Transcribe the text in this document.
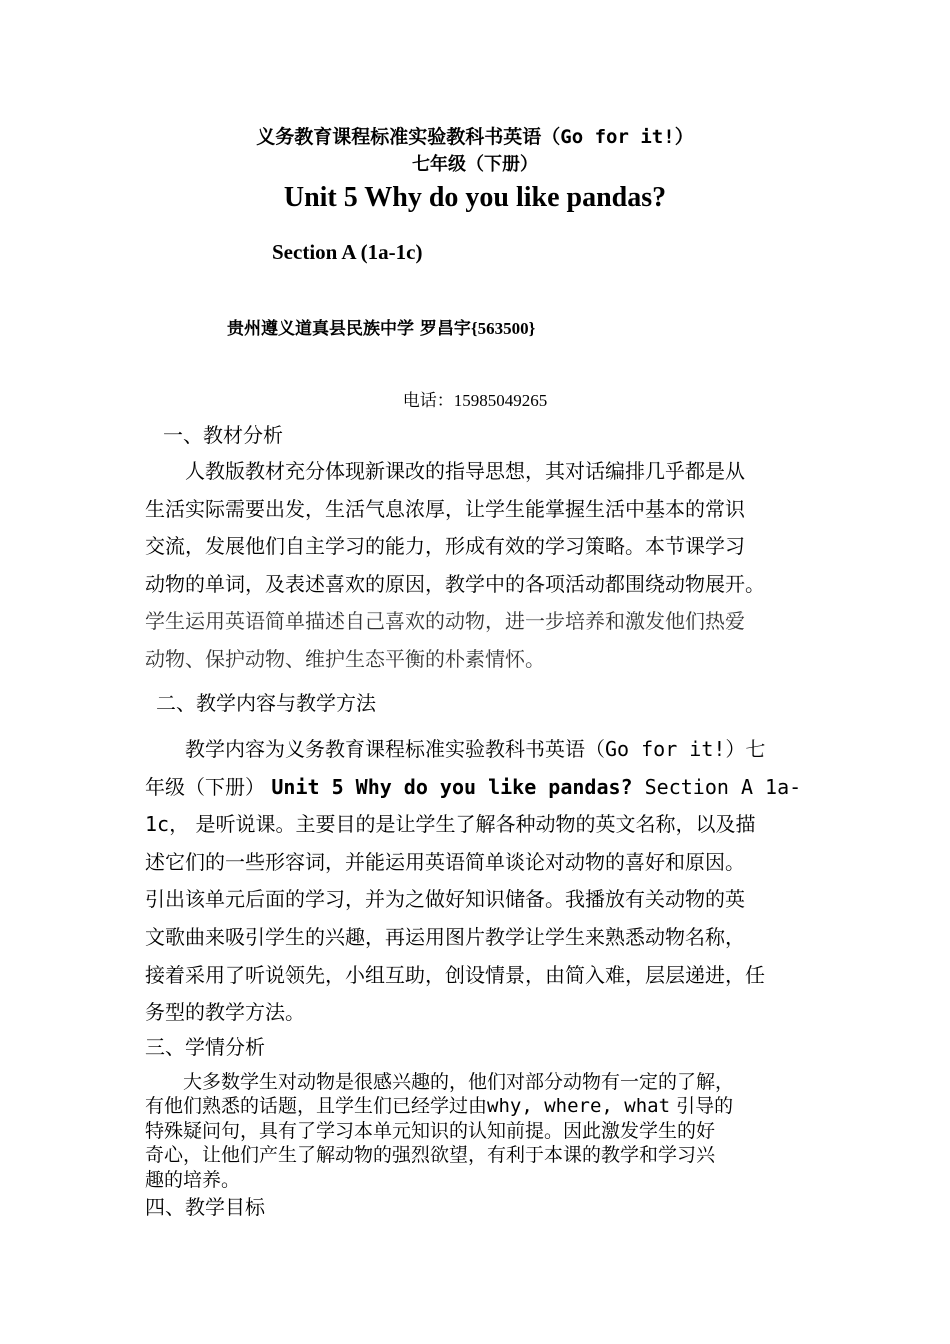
义务教育课程标准实验教科书英语（Go for it!）
七年级（下册）
Unit 5 Why do you like pandas?
Section A (1a-1c)
贵州遵义道真县民族中学 罗昌宇{563500}
电话：15985049265
一、教材分析
　　人教版教材充分体现新课改的指导思想，其对话编排几乎都是从
生活实际需要出发，生活气息浓厚，让学生能掌握生活中基本的常识
交流，发展他们自主学习的能力，形成有效的学习策略。本节课学习
动物的单词，及表述喜欢的原因，教学中的各项活动都围绕动物展开。
学生运用英语简单描述自己喜欢的动物，进一步培养和激发他们热爱
动物、保护动物、维护生态平衡的朴素情怀。
二、教学内容与教学方法
　　教学内容为义务教育课程标准实验教科书英语（Go for it!）七
年级（下册） Unit 5 Why do you like pandas? Section A 1a-
1c， 是听说课。主要目的是让学生了解各种动物的英文名称，以及描
述它们的一些形容词，并能运用英语简单谈论对动物的喜好和原因。
引出该单元后面的学习，并为之做好知识储备。我播放有关动物的英
文歌曲来吸引学生的兴趣，再运用图片教学让学生来熟悉动物名称，
接着采用了听说领先，小组互助，创设情景，由简入难，层层递进，任
务型的教学方法。
三、学情分析
　　大多数学生对动物是很感兴趣的，他们对部分动物有一定的了解，
有他们熟悉的话题，且学生们已经学过由why, where, what 引导的
特殊疑问句，具有了学习本单元知识的认知前提。因此激发学生的好
奇心，让他们产生了解动物的强烈欲望，有利于本课的教学和学习兴
趣的培养。
四、教学目标
